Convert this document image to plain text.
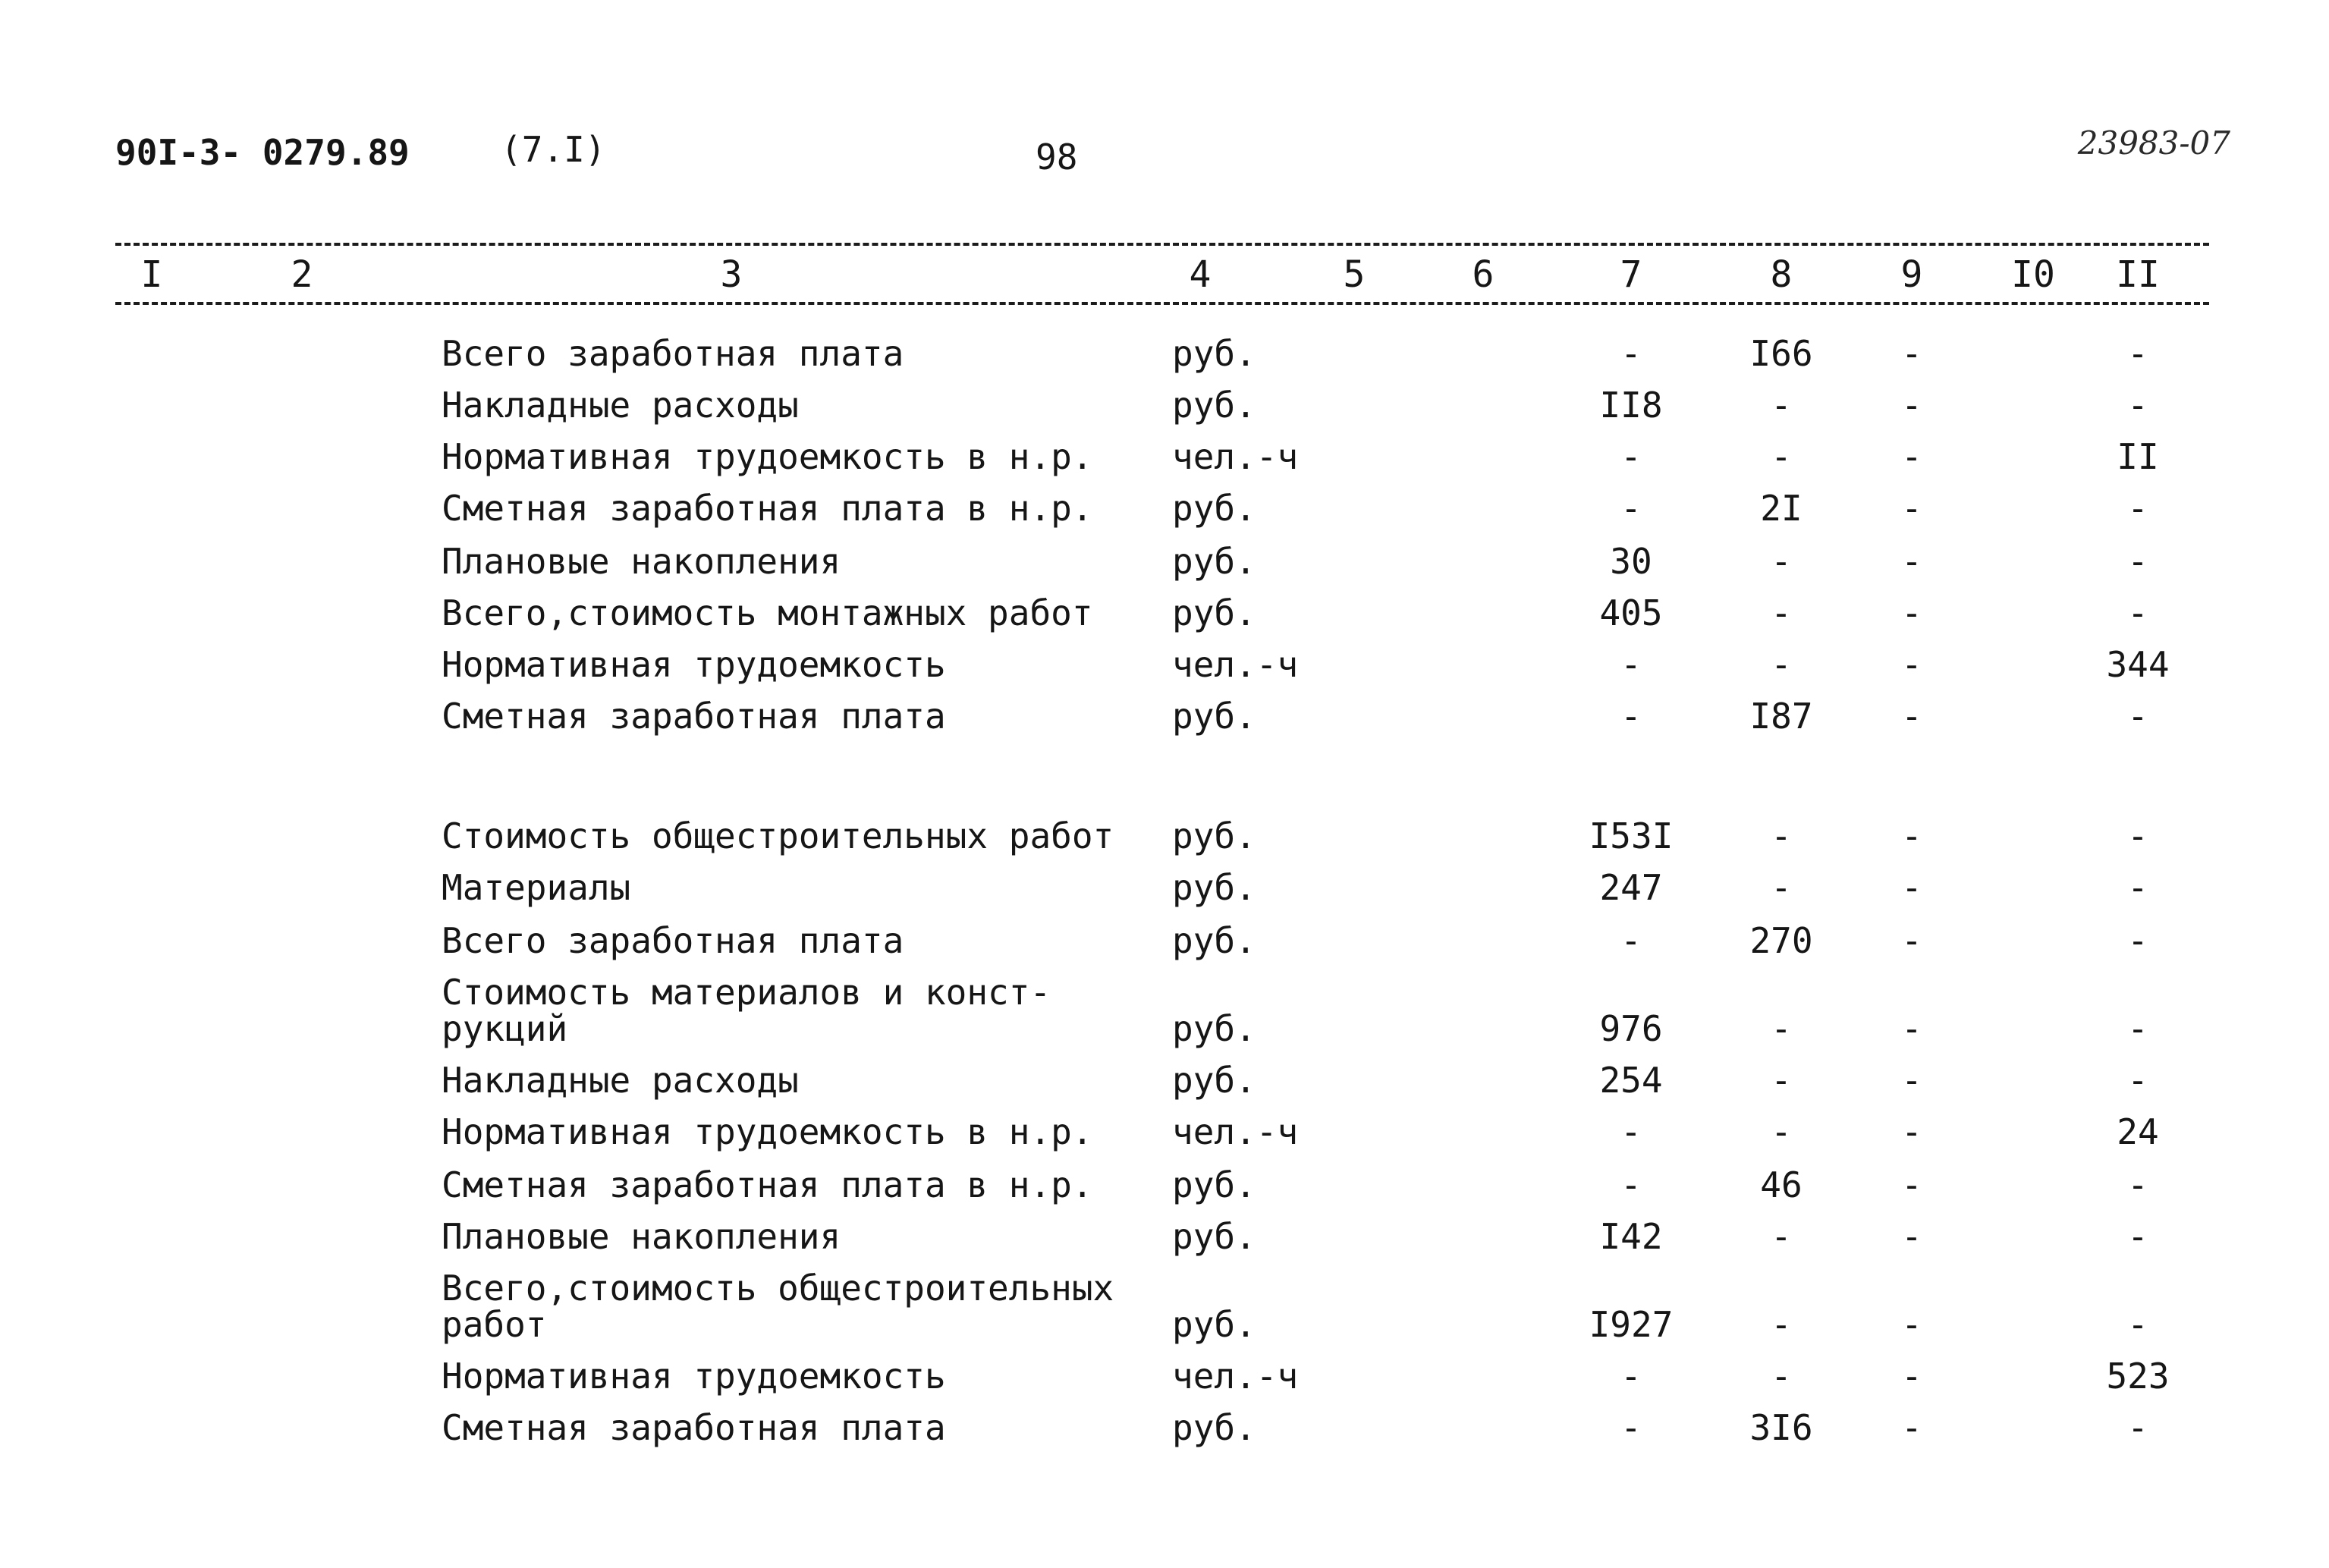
90I-3- 0279.89	(7.I)	98	23983-07
I	2	3	4	5	6	7	8	9 I0 II
Всего заработная плата	руб.	-	I66	-	-
Накладные расходы	руб.	II8	-	-	-
Нормативная трудоемкость в н.р. чел.-ч	-	-	-	II
Сметная заработная плата в н.р. руб.	-	2I	-	-
Плановые накопления	руб.	30	-	-	-
Всего,стоимость монтажных работ руб.	405	-	-	-
Нормативная трудоемкость	чел.-ч	-	-	-	344
Сметная заработная плата	руб.	-	I87	-	-
Стоимость общестроительных работ руб.	I53I	-	-	-
Материалы	руб.	247	-	-	-
Всего заработная плата	руб.	-	270	-	-
Стоимость материалов и конст-
рукций	руб.	976	-	-	-
Накладные расходы	руб.	254	-	-	-
Нормативная трудоемкость в н.р. чел.-ч	-	-	-	24
Сметная заработная плата в н.р. руб.	-	46	-	-
Плановые накопления	руб.	I42	-	-	-
Всего,стоимость общестроительных
работ	руб.	I927	-	-	-
Нормативная трудоемкость	чел.-ч	-	-	-	523
Сметная заработная плата	руб.	-	3I6	-	-
